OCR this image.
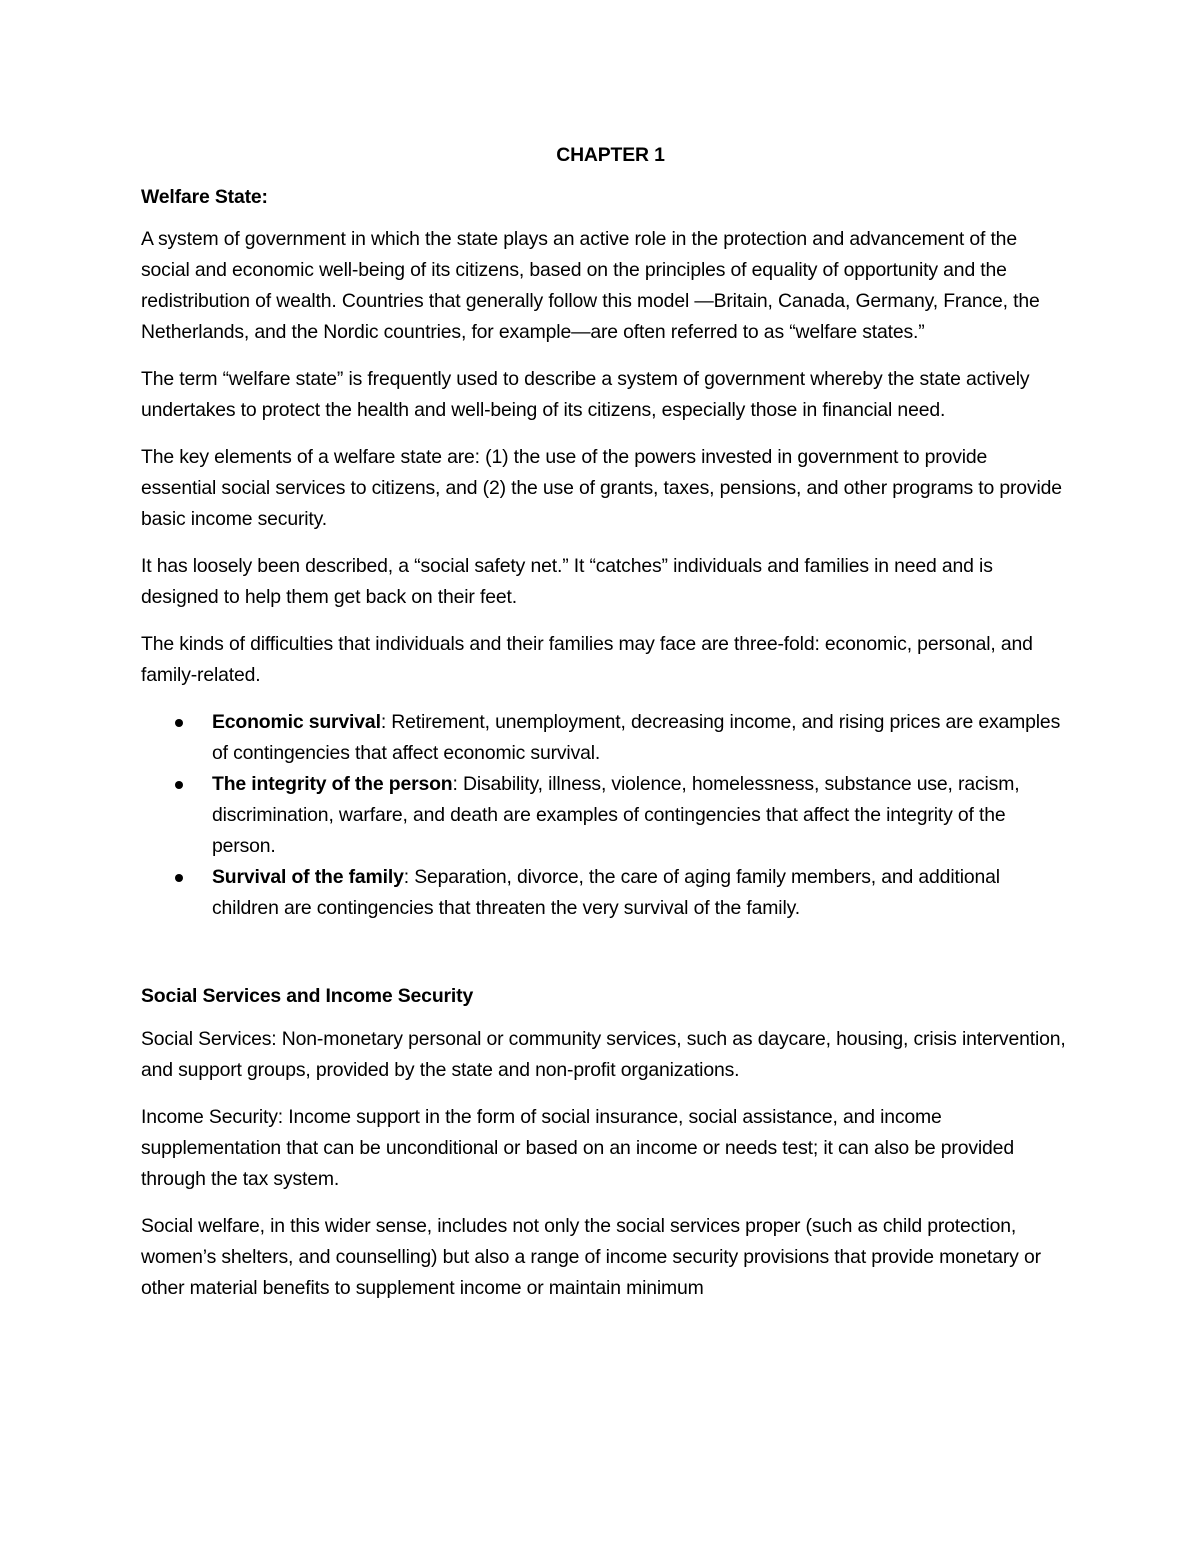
CHAPTER 1
Welfare State:

A system of government in which the state plays an active role in the protection and advancement of the social and economic well-being of its citizens, based on the principles of equality of opportunity and the redistribution of wealth. Countries that generally follow this model —Britain, Canada, Germany, France, the Netherlands, and the Nordic countries, for example—are often referred to as “welfare states.”

The term “welfare state” is frequently used to describe a system of government whereby the state actively undertakes to protect the health and well-being of its citizens, especially those in financial need.

The key elements of a welfare state are: (1) the use of the powers invested in government to provide essential social services to citizens, and (2) the use of grants, taxes, pensions, and other programs to provide basic income security.

It has loosely been described, a “social safety net.” It “catches” individuals and families in need and is designed to help them get back on their feet.

The kinds of difficulties that individuals and their families may face are three-fold: economic, personal, and family-related.

Economic survival: Retirement, unemployment, decreasing income, and rising prices are examples of contingencies that affect economic survival.
The integrity of the person: Disability, illness, violence, homelessness, substance use, racism, discrimination, warfare, and death are examples of contingencies that affect the integrity of the person.
Survival of the family: Separation, divorce, the care of aging family members, and additional children are contingencies that threaten the very survival of the family.
Social Services and Income Security

Social Services: Non-monetary personal or community services, such as daycare, housing, crisis intervention, and support groups, provided by the state and non-profit organizations.

Income Security: Income support in the form of social insurance, social assistance, and income supplementation that can be unconditional or based on an income or needs test; it can also be provided through the tax system.

Social welfare, in this wider sense, includes not only the social services proper (such as child protection, women’s shelters, and counselling) but also a range of income security provisions that provide monetary or other material benefits to supplement income or maintain minimum
